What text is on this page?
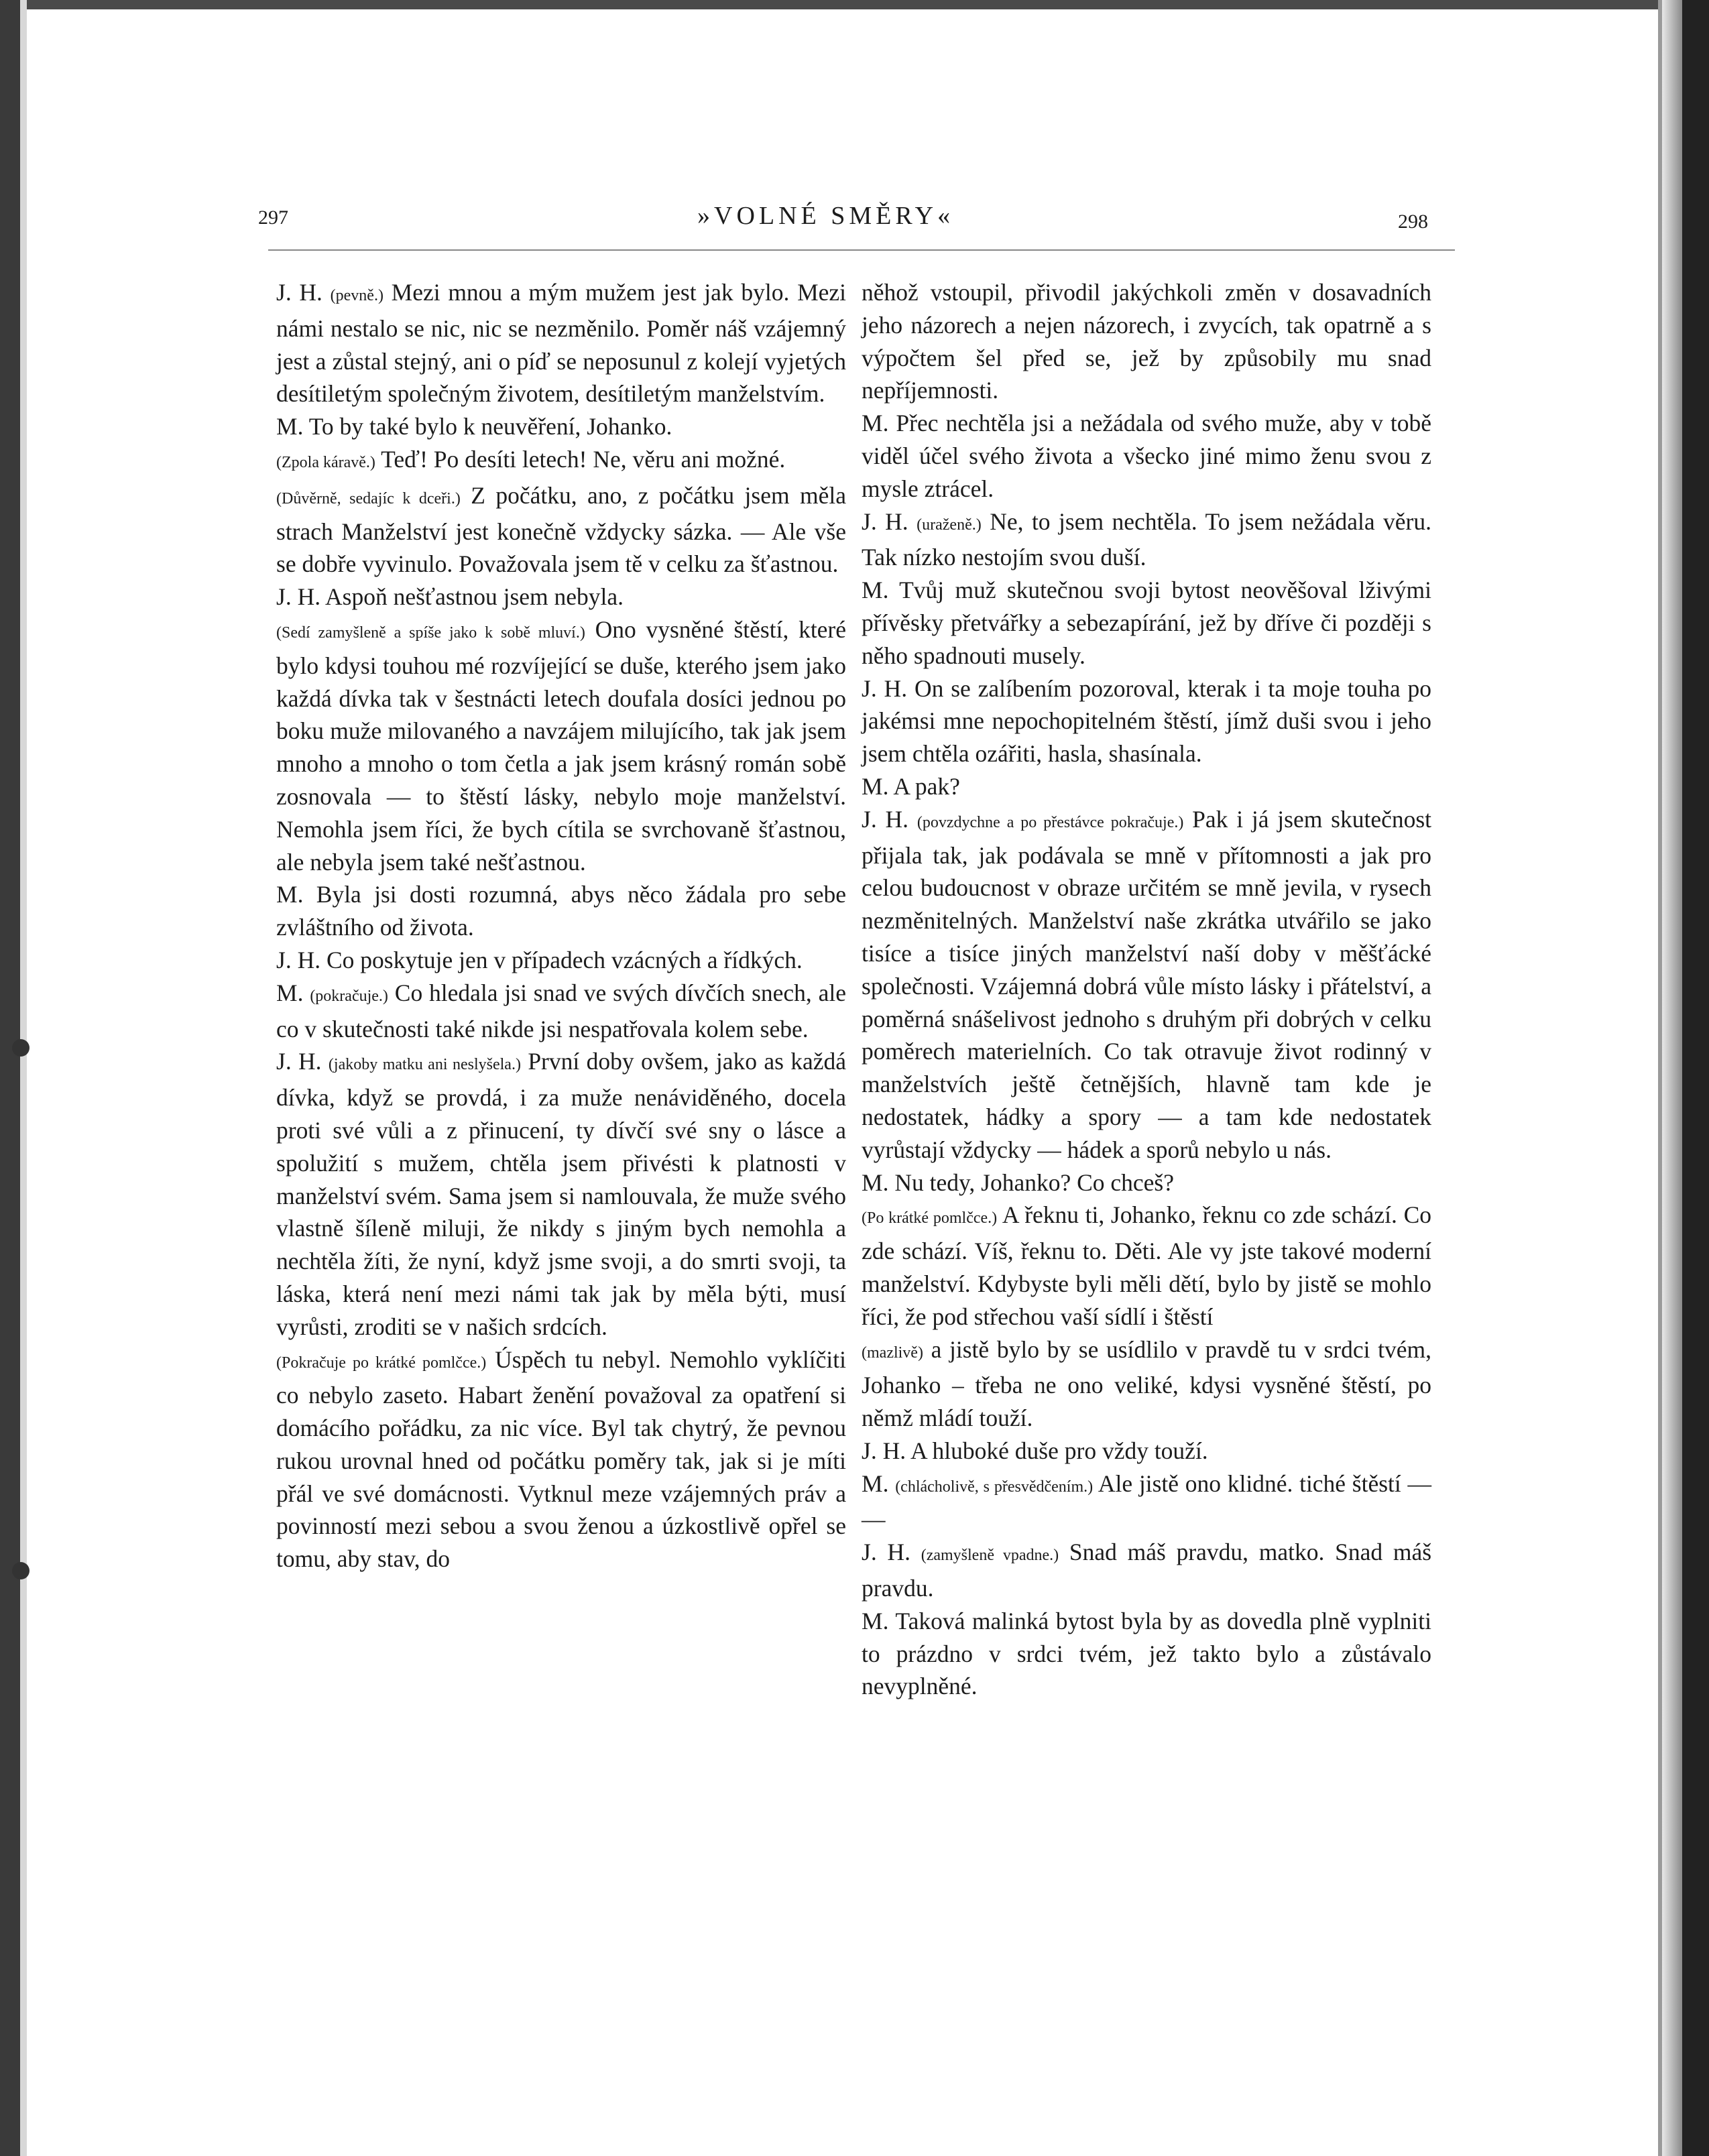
297	»VOLNÉ SMĚRY«	298

J. H. (pevně.) Mezi mnou a mým mužem jest jak bylo. Mezi námi nestalo se nic, nic se nezměnilo. Poměr náš vzájemný jest a zůstal stejný, ani o píď se neposunul z kolejí vyjetých desítiletým společným životem, desítiletým manželstvím.

M. To by také bylo k neuvěření, Johanko.

(Zpola káravě.) Teď! Po desíti letech! Ne, věru ani možné.

(Důvěrně, sedajíc k dceři.) Z počátku, ano, z počátku jsem měla strach Manželství jest konečně vždycky sázka. — Ale vše se dobře vyvinulo. Považovala jsem tě v celku za šťastnou.

J. H. Aspoň nešťastnou jsem nebyla.

(Sedí zamyšleně a spíše jako k sobě mluví.) Ono vysněné štěstí, které bylo kdysi touhou mé rozvíjející se duše, kterého jsem jako každá dívka tak v šestnácti letech doufala dosíci jednou po boku muže milovaného a navzájem milujícího, tak jak jsem mnoho a mnoho o tom četla a jak jsem krásný román sobě zosnovala — to štěstí lásky, nebylo moje manželství. Nemohla jsem říci, že bych cítila se svrchovaně šťastnou, ale nebyla jsem také nešťastnou.

M. Byla jsi dosti rozumná, abys něco žádala pro sebe zvláštního od života.

J. H. Co poskytuje jen v případech vzácných a řídkých.

M. (pokračuje.) Co hledala jsi snad ve svých dívčích snech, ale co v skutečnosti také nikde jsi nespatřovala kolem sebe.

J. H. (jakoby matku ani neslyšela.) První doby ovšem, jako as každá dívka, když se provdá, i za muže nenáviděného, docela proti své vůli a z přinucení, ty dívčí své sny o lásce a spolužití s mužem, chtěla jsem přivésti k platnosti v manželství svém. Sama jsem si namlouvala, že muže svého vlastně šíleně miluji, že nikdy s jiným bych nemohla a nechtěla žíti, že nyní, když jsme svoji, a do smrti svoji, ta láska, která není mezi námi tak jak by měla býti, musí vyrůsti, zroditi se v našich srdcích.

(Pokračuje po krátké pomlčce.) Úspěch tu nebyl. Nemohlo vyklíčiti co nebylo zaseto. Habart ženění považoval za opatření si domácího pořádku, za nic více. Byl tak chytrý, že pevnou rukou urovnal hned od počátku poměry tak, jak si je míti přál ve své domácnosti. Vytknul meze vzájemných práv a povinností mezi sebou a svou ženou a úzkostlivě opřel se tomu, aby stav, do

něhož vstoupil, přivodil jakýchkoli změn v dosavadních jeho názorech a nejen názorech, i zvycích, tak opatrně a s výpočtem šel před se, jež by způsobily mu snad nepříjemnosti.

M. Přec nechtěla jsi a nežádala od svého muže, aby v tobě viděl účel svého života a všecko jiné mimo ženu svou z mysle ztrácel.

J. H. (uraženě.) Ne, to jsem nechtěla. To jsem nežádala věru. Tak nízko nestojím svou duší.

M. Tvůj muž skutečnou svoji bytost neověšoval lživými přívěsky přetvářky a sebezapírání, jež by dříve či později s něho spadnouti musely.

J. H. On se zalíbením pozoroval, kterak i ta moje touha po jakémsi mne nepochopitelném štěstí, jímž duši svou i jeho jsem chtěla ozářiti, hasla, shasínala.

M. A pak?

J. H. (povzdychne a po přestávce pokračuje.) Pak i já jsem skutečnost přijala tak, jak podávala se mně v přítomnosti a jak pro celou budoucnost v obraze určitém se mně jevila, v rysech nezměnitelných. Manželství naše zkrátka utvářilo se jako tisíce a tisíce jiných manželství naší doby v měšťácké společnosti. Vzájemná dobrá vůle místo lásky i přátelství, a poměrná snášelivost jednoho s druhým při dobrých v celku poměrech materielních. Co tak otravuje život rodinný v manželstvích ještě četnějších, hlavně tam kde je nedostatek, hádky a spory — a tam kde nedostatek vyrůstají vždycky — hádek a sporů nebylo u nás.

M. Nu tedy, Johanko? Co chceš?

(Po krátké pomlčce.) A řeknu ti, Johanko, řeknu co zde schází. Co zde schází. Víš, řeknu to. Děti. Ale vy jste takové moderní manželství. Kdybyste byli měli dětí, bylo by jistě se mohlo říci, že pod střechou vaší sídlí i štěstí

(mazlivě) a jistě bylo by se usídlilo v pravdě tu v srdci tvém, Johanko – třeba ne ono veliké, kdysi vysněné štěstí, po němž mládí touží.

J. H. A hluboké duše pro vždy touží.

M. (chlácholivě, s přesvědčením.) Ale jistě ono klidné. tiché štěstí — —

J. H. (zamyšleně vpadne.) Snad máš pravdu, matko. Snad máš pravdu.

M. Taková malinká bytost byla by as dovedla plně vyplniti to prázdno v srdci tvém, jež takto bylo a zůstávalo nevyplněné.
